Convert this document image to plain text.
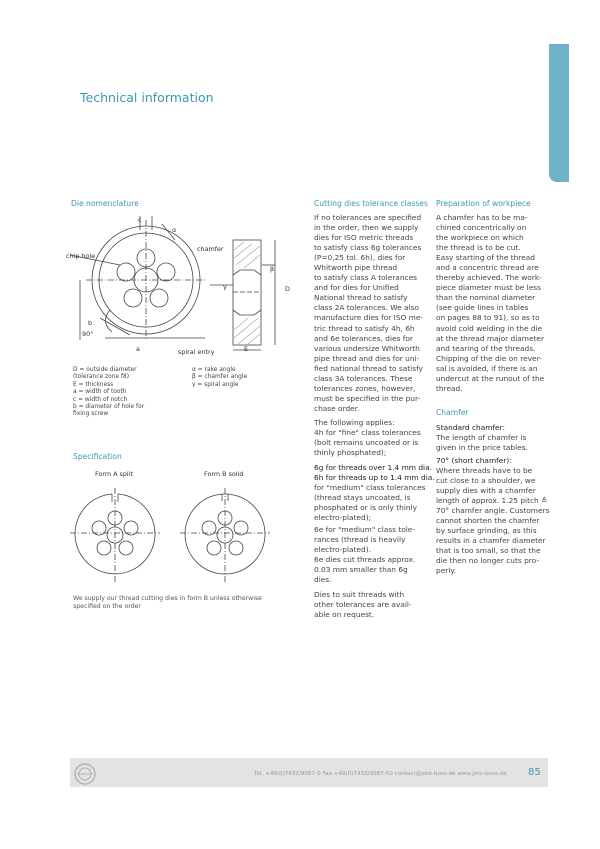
Technical information
Die nomenclature
chip hole
c
α
b
90°
a
chamfer
spiral entry
β
γ
E
D
D = outside diameter
(tolerance zone f8)
E = thickness
a = width of tooth
c = width of notch
b = diameter of hole for
fixing screw
α = rake angle
β = chamfer angle
γ = spiral angle
Specification
Form A split	Form B solid
We supply our thread cutting dies in form B unless otherwise
specified on the order
Cutting dies tolerance classes
If no tolerances are specified
in the order, then we supply
dies for ISO metric threads
to satisfy class 6g tolerances
(P=0,25 tol. 6h), dies for
Whitworth pipe thread
to satisfy class A tolerances
and for dies for Unified
National thread to satisfy
class 2A tolerances. We also
manufacture dies for ISO me-
tric thread to satisfy 4h, 6h
and 6e tolerances, dies for
various undersize Whitworth
pipe thread and dies for uni-
fied national thread to satisfy
class 3A tolerances. These
tolerances zones, however,
must be specified in the pur-
chase order.
The following applies:
4h for "fine" class tolerances
(bolt remains uncoated or is
thinly phosphated);
6g for threads over 1.4 mm dia.
6h for threads up to 1.4 mm dia.
for "medium" class tolerances
(thread stays uncoated, is
phosphated or is only thinly
electro-plated);
6e for "medium" class tole-
rances (thread is heavily
electro-plated).
6e dies cut threads approx.
0.03 mm smaller than 6g
dies.
Dies to suit threads with
other tolerances are avail-
able on request.
Preparation of workpiece
A chamfer has to be ma-
chined concentrically on
the workpiece on which
the thread is to be cut.
Easy starting of the thread
and a concentric thread are
thereby achieved. The work-
piece diameter must be less
than the nominal diameter
(see guide lines in tables
on pages 88 to 91), so as to
avoid cold welding in the die
at the thread major diameter
and tearing of the threads.
Chipping of the die on rever-
sal is avoided, if there is an
undercut at the runout of the
thread.
Chamfer
Standard chamfer:
The length of chamfer is
given in the price tables.
70° (short chamfer):
Where threads have to be
cut close to a shoulder, we
supply dies with a chamfer
length of approx. 1.25 pitch ≙
70° chamfer angle. Customers
cannot shorten the chamfer
by surface grinding, as this
results in a chamfer diameter
that is too small, so that the
die then no longer cuts pro-
perly.
Tel. +49(0)7432/9087-0 Fax +49(0)7432/9087-50 contact@joto-boss.de www.joto-boss.de 85
